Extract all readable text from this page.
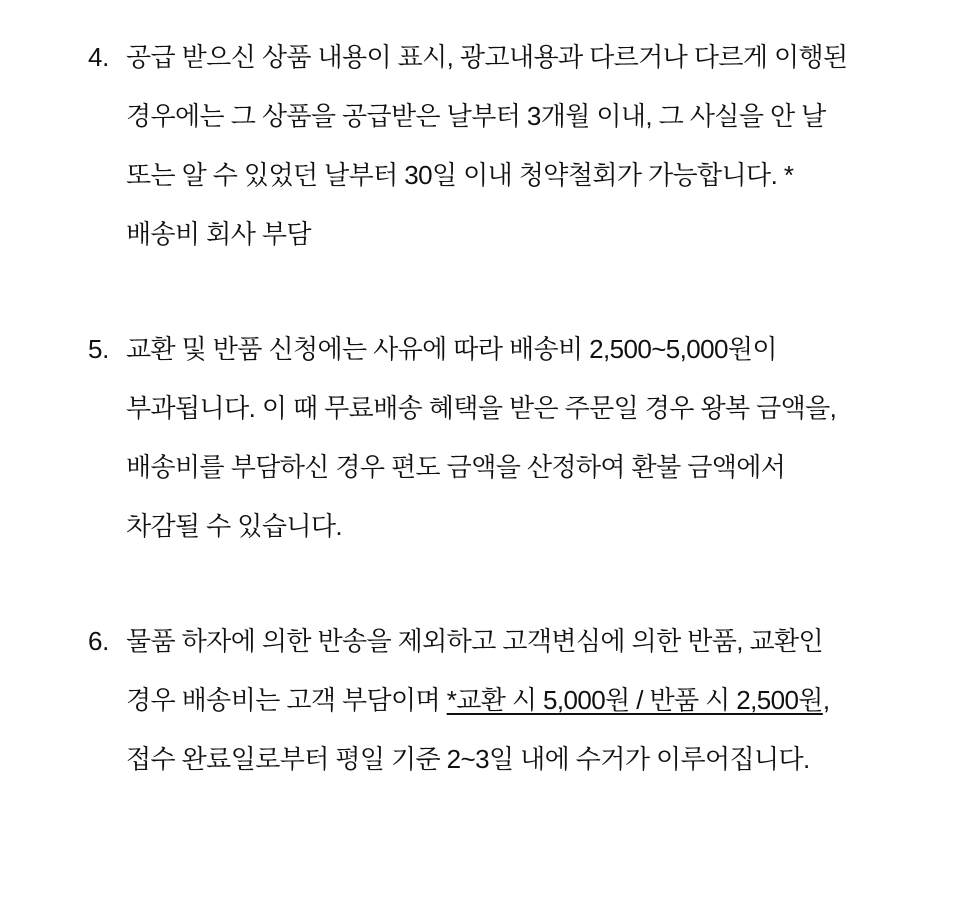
4. 공급 받으신 상품 내용이 표시, 광고내용과 다르거나 다르게 이행된 경우에는 그 상품을 공급받은 날부터 3개월 이내, 그 사실을 안 날 또는 알 수 있었던 날부터 30일 이내 청약철회가 가능합니다. *배송비 회사 부담
5. 교환 및 반품 신청에는 사유에 따라 배송비 2,500~5,000원이 부과됩니다. 이 때 무료배송 혜택을 받은 주문일 경우 왕복 금액을, 배송비를 부담하신 경우 편도 금액을 산정하여 환불 금액에서 차감될 수 있습니다.
6. 물품 하자에 의한 반송을 제외하고 고객변심에 의한 반품, 교환인 경우 배송비는 고객 부담이며 *교환 시 5,000원 / 반품 시 2,500원, 접수 완료일로부터 평일 기준 2~3일 내에 수거가 이루어집니다.
